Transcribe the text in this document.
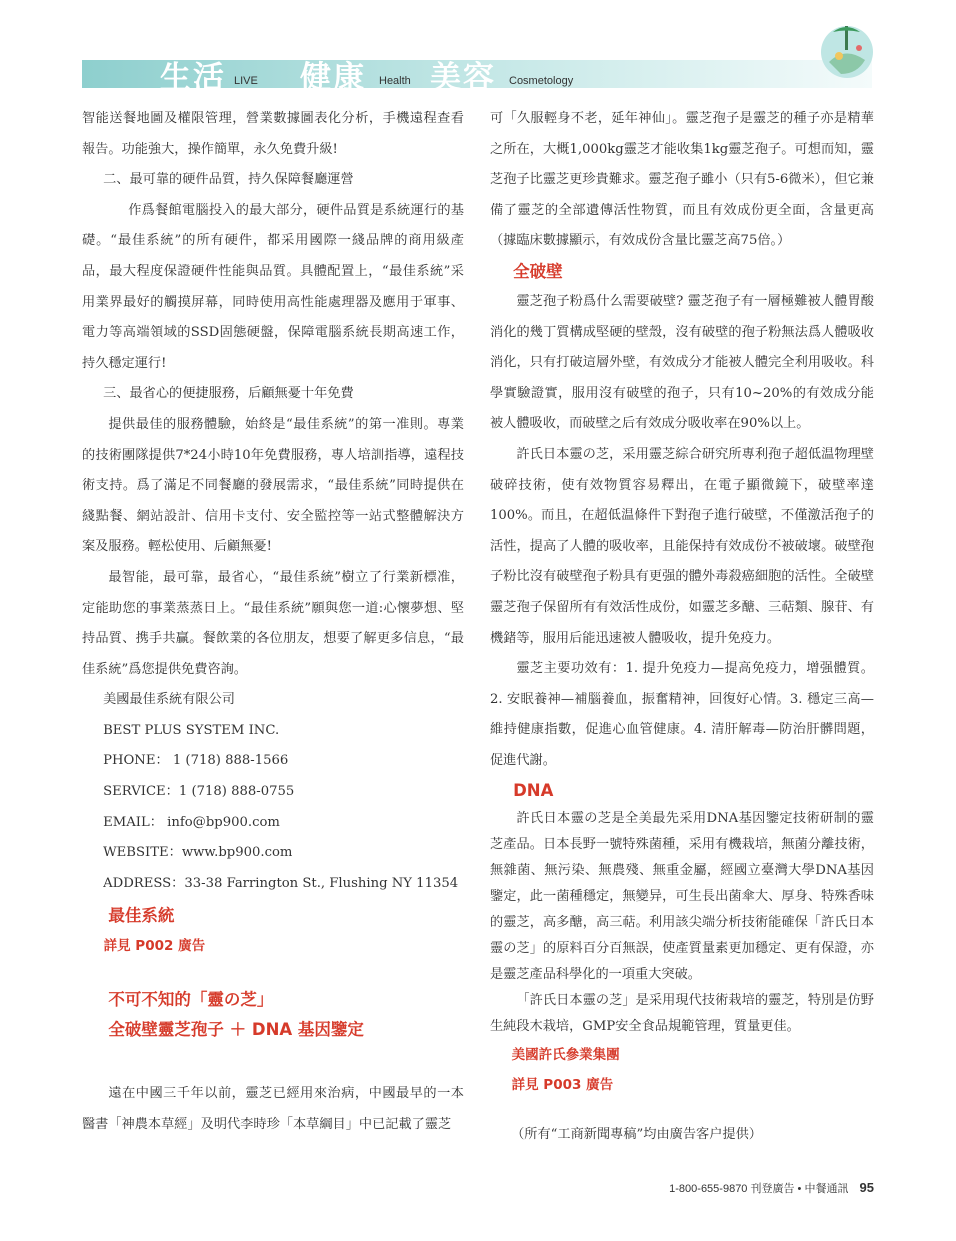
生活 LIVE 健康 Health 美容 Cosmetology

智能送餐地圖及權限管理，營業數據圖表化分析，手機遠程查看報告。功能強大，操作簡單，永久免費升級!

二、最可靠的硬件品質，持久保障餐廳運營

作爲餐館電腦投入的最大部分，硬件品質是系統運行的基礎。“最佳系統”的所有硬件，都采用國際一綫品牌的商用級產品，最大程度保證硬件性能與品質。具體配置上，“最佳系統”采用業界最好的觸摸屏幕，同時使用高性能處理器及應用于軍事、電力等高端領域的SSD固態硬盤，保障電腦系統長期高速工作，持久穩定運行!

三、最省心的便捷服務，后顧無憂十年免費

提供最佳的服務體驗，始終是“最佳系統”的第一准則。專業的技術團隊提供7*24小時10年免費服務，專人培訓指導，遠程技術支持。爲了滿足不同餐廳的發展需求，“最佳系統”同時提供在綫點餐、網站設計、信用卡支付、安全監控等一站式整體解決方案及服務。輕松使用、后顧無憂!

最智能，最可靠，最省心，“最佳系統”樹立了行業新標准，定能助您的事業蒸蒸日上。“最佳系統”願與您一道:心懷夢想、堅持品質、携手共贏。餐飲業的各位朋友，想要了解更多信息，“最佳系統”爲您提供免費咨詢。

美國最佳系統有限公司

BEST PLUS SYSTEM INC.

PHONE： 1 (718) 888-1566

SERVICE：1 (718) 888-0755

EMAIL： info@bp900.com

WEBSITE：www.bp900.com

ADDRESS：33-38 Farrington St., Flushing NY 11354

最佳系統

詳見 P002 廣告

不可不知的「靈の芝」

全破壁靈芝孢子 ＋ DNA 基因鑒定

遠在中國三千年以前，靈芝已經用來治病，中國最早的一本醫書「神農本草經」及明代李時珍「本草綱目」中已記載了靈芝

可「久服輕身不老，延年神仙」。靈芝孢子是靈芝的種子亦是精華之所在，大概1,000kg靈芝才能收集1kg靈芝孢子。可想而知，靈芝孢子比靈芝更珍貴難求。靈芝孢子雖小（只有5-6微米），但它兼備了靈芝的全部遺傳活性物質，而且有效成份更全面，含量更高（據臨床數據顯示，有效成份含量比靈芝高75倍。）

全破壁

靈芝孢子粉爲什么需要破壁? 靈芝孢子有一層極難被人體胃酸消化的幾丁質構成堅硬的壁殼，沒有破壁的孢子粉無法爲人體吸收消化，只有打破這層外壁，有效成分才能被人體完全利用吸收。科學實驗證實，服用沒有破壁的孢子，只有10~20%的有效成分能被人體吸收，而破壁之后有效成分吸收率在90%以上。

許氏日本靈の芝，采用靈芝綜合研究所專利孢子超低温物理壁破碎技術，使有效物質容易釋出，在電子顯微鏡下，破壁率達100%。而且，在超低温條件下對孢子進行破壁，不僅激活孢子的活性，提高了人體的吸收率，且能保持有效成份不被破壞。破壁孢子粉比沒有破壁孢子粉具有更强的體外毒殺癌細胞的活性。全破壁靈芝孢子保留所有有效活性成份，如靈芝多醣、三萜類、腺苷、有機鍺等，服用后能迅速被人體吸收，提升免疫力。

靈芝主要功效有：1. 提升免疫力—提高免疫力，增强體質。2. 安眠養神—補腦養血，振奮精神，回復好心情。3. 穩定三高—維持健康指數，促進心血管健康。4. 清肝解毒—防治肝髒問題，促進代謝。

DNA

許氏日本靈の芝是全美最先采用DNA基因鑒定技術研制的靈芝產品。日本長野一號特殊菌種，采用有機栽培，無菌分離技術，無雜菌、無污染、無農殘、無重金屬，經國立臺灣大學DNA基因鑒定，此一菌種穩定，無變异，可生長出菌傘大、厚身、特殊香味的靈芝，高多醣，高三萜。利用該尖端分析技術能確保「許氏日本靈の芝」的原料百分百無誤，使產質量素更加穩定、更有保證，亦是靈芝產品科學化的一項重大突破。

「許氏日本靈の芝」是采用現代技術栽培的靈芝，特別是仿野生純段木栽培，GMP安全食品規範管理，質量更佳。

美國許氏參業集團

詳見 P003 廣告

（所有“工商新聞專稿”均由廣告客户提供）

1-800-655-9870 刊登廣告 • 中餐通訊 95
